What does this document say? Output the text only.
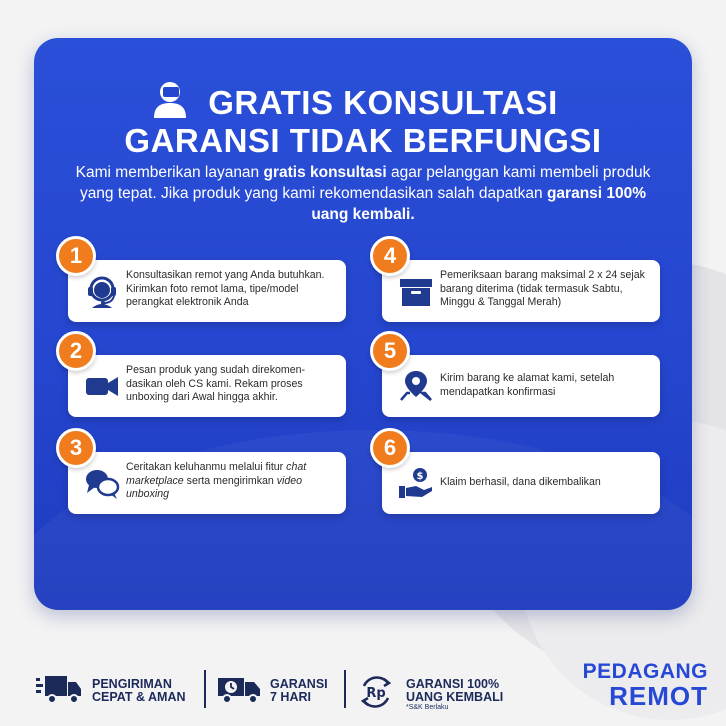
GRATIS KONSULTASI
GARANSI TIDAK BERFUNGSI
Kami memberikan layanan gratis konsultasi agar pelanggan kami membeli produk yang tepat. Jika produk yang kami rekomendasikan salah dapatkan garansi 100% uang kembali.
1
Konsultasikan remot yang Anda butuhkan. Kirimkan foto remot lama, tipe/model perangkat elektronik Anda
2
Pesan produk yang sudah direkomen-dasikan oleh CS kami. Rekam proses unboxing dari Awal hingga akhir.
3
Ceritakan keluhanmu melalui fitur chat marketplace serta mengirimkan video unboxing
4
Pemeriksaan barang maksimal 2 x 24 sejak barang diterima (tidak termasuk Sabtu, Minggu & Tanggal Merah)
5
Kirim barang ke alamat kami, setelah mendapatkan konfirmasi
6
$ Klaim berhasil, dana dikembalikan
PENGIRIMAN
CEPAT & AMAN
GARANSI
7 HARI	Rp
GARANSI 100%
UANG KEMBALI

*S&K Berlaku
PEDAGANG
REMOT
